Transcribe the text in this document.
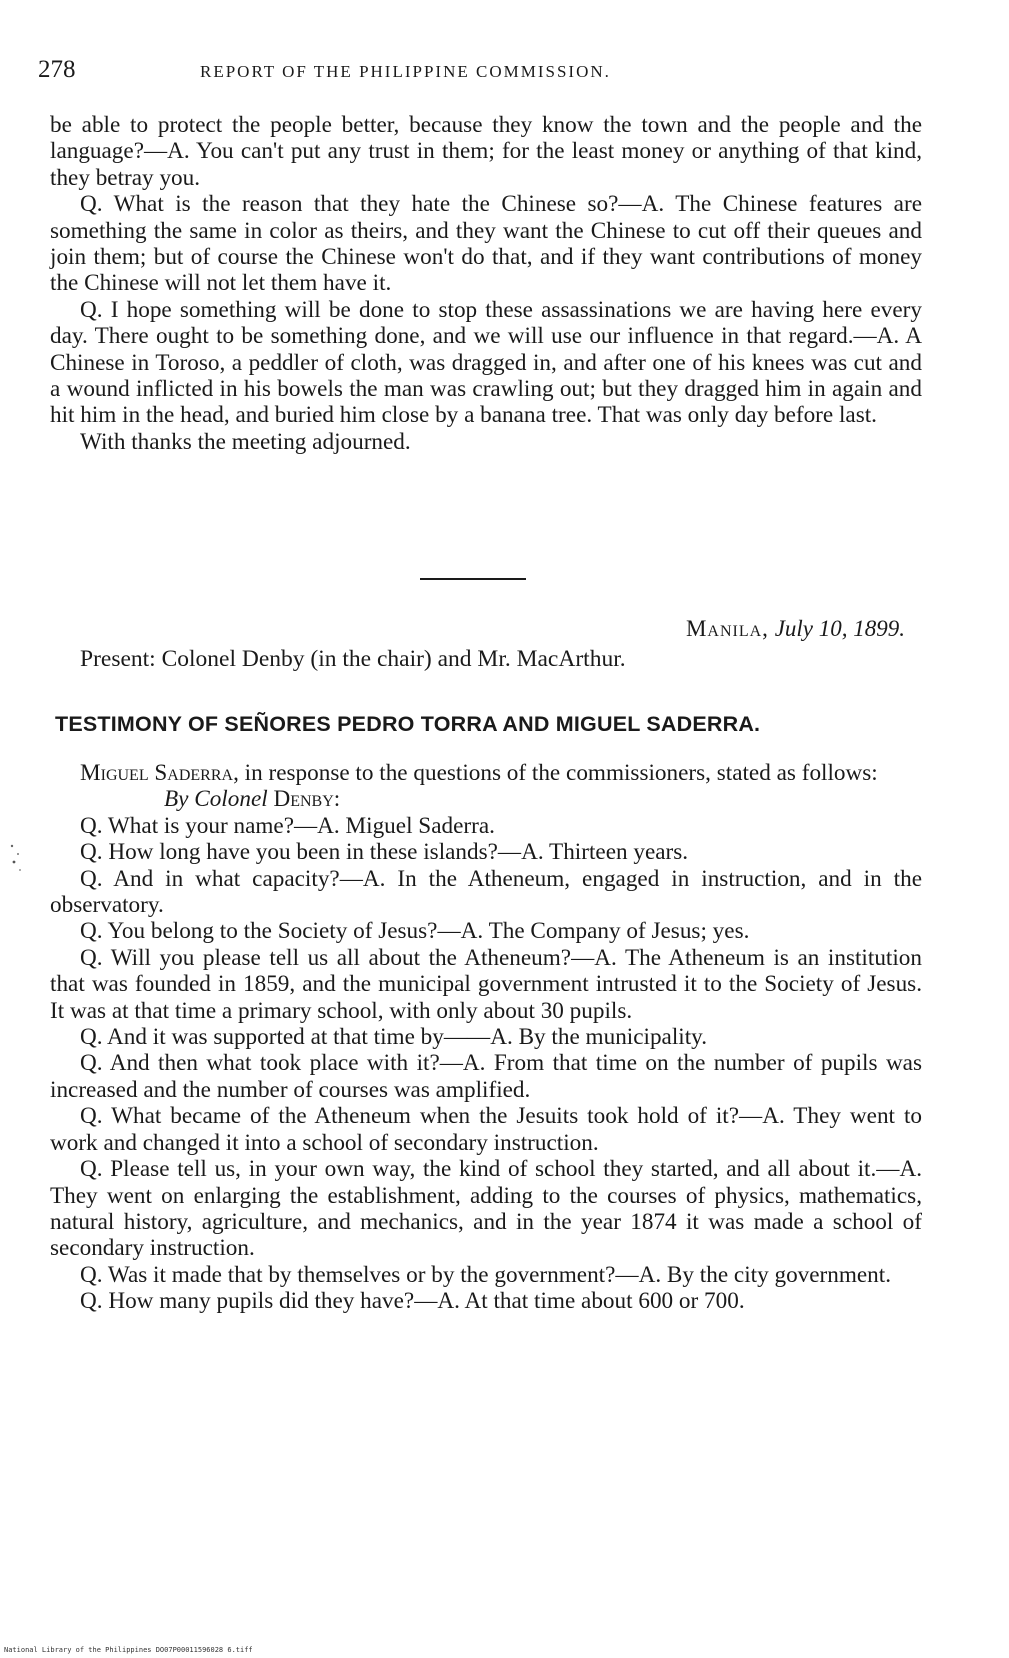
278	REPORT OF THE PHILIPPINE COMMISSION.

be able to protect the people better, because they know the town and the people and the language?—A. You can't put any trust in them; for the least money or anything of that kind, they betray you.

Q. What is the reason that they hate the Chinese so?—A. The Chinese features are something the same in color as theirs, and they want the Chinese to cut off their queues and join them; but of course the Chinese won't do that, and if they want contributions of money the Chinese will not let them have it.

Q. I hope something will be done to stop these assassinations we are having here every day. There ought to be something done, and we will use our influence in that regard.—A. A Chinese in Toroso, a peddler of cloth, was dragged in, and after one of his knees was cut and a wound inflicted in his bowels the man was crawling out; but they dragged him in again and hit him in the head, and buried him close by a banana tree. That was only day before last.

With thanks the meeting adjourned.

Manila, July 10, 1899.
Present: Colonel Denby (in the chair) and Mr. MacArthur.
TESTIMONY OF SEÑORES PEDRO TORRA AND MIGUEL SADERRA.

Miguel Saderra, in response to the questions of the commissioners, stated as follows:

By Colonel Denby:

Q. What is your name?—A. Miguel Saderra.

Q. How long have you been in these islands?—A. Thirteen years.

Q. And in what capacity?—A. In the Atheneum, engaged in instruction, and in the observatory.

Q. You belong to the Society of Jesus?—A. The Company of Jesus; yes.

Q. Will you please tell us all about the Atheneum?—A. The Atheneum is an institution that was founded in 1859, and the municipal government intrusted it to the Society of Jesus. It was at that time a primary school, with only about 30 pupils.

Q. And it was supported at that time by——A. By the municipality.

Q. And then what took place with it?—A. From that time on the number of pupils was increased and the number of courses was amplified.

Q. What became of the Atheneum when the Jesuits took hold of it?—A. They went to work and changed it into a school of secondary instruction.

Q. Please tell us, in your own way, the kind of school they started, and all about it.—A. They went on enlarging the establishment, adding to the courses of physics, mathematics, natural history, agriculture, and mechanics, and in the year 1874 it was made a school of secondary instruction.

Q. Was it made that by themselves or by the government?—A. By the city government.

Q. How many pupils did they have?—A. At that time about 600 or 700.

National Library of the Philippines DO07P00011596028 6.tiff
